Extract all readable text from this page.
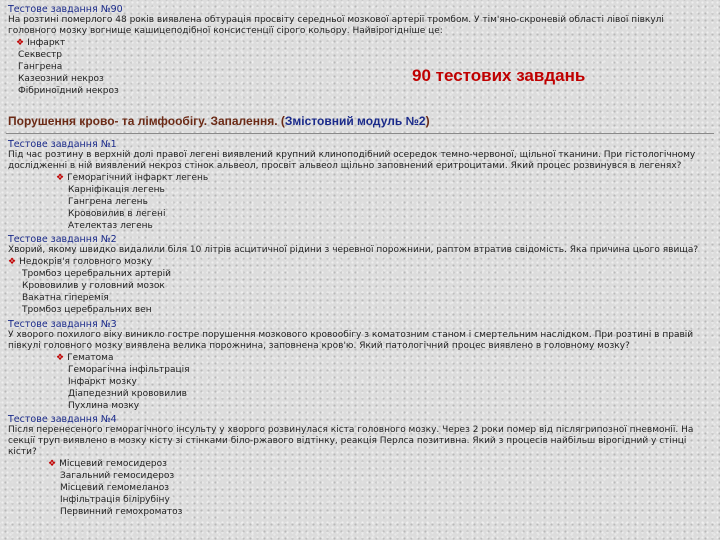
Тестове завдання №90
На розтині померлого 48 років виявлена обтурація просвіту середньої мозкової артерії тромбом. У тім'яно-скроневій області лівої півкулі головного мозку вогнище кашицеподібної консистенції сірого кольору. Найвірогідніше це:
❖ Інфаркт
Секвестр
Гангрена
Казеозний некроз
Фібриноїдний некроз
90 тестових завдань
Порушення крово- та лімфообігу. Запалення. (Змістовний модуль №2)
Тестове завдання №1
Під час розтину в верхній долі правої легені виявлений крупний клиноподібний осередок темно-червоної, щільної тканини. При гістологічному дослідженні в ній виявлений некроз стінок альвеол, просвіт альвеол щільно заповнений еритроцитами. Який процес розвинувся в легенях?
❖ Геморагічний інфаркт легень
Карніфікація легень
Гангрена легень
Крововилив в легені
Ателектаз легень
Тестове завдання №2
Хворий, якому швидко видалили біля 10 літрів асцитичної рідини з черевної порожнини, раптом втратив свідомість. Яка причина цього явища?
❖ Недокрів'я головного мозку
Тромбоз церебральних артерій
Крововилив у головний мозок
Вакатна гіперемія
Тромбоз церебральних вен
Тестове завдання №3
У хворого похилого віку виникло гостре порушення мозкового кровообігу з коматозним станом і смертельним наслідком. При розтині в правій півкулі головного мозку виявлена велика порожнина, заповнена кров'ю. Який патологічний процес виявлено в головному мозку?
❖ Гематома
Геморагічна інфільтрація
Інфаркт мозку
Діапедезний крововилив
Пухлина мозку
Тестове завдання №4
Після перенесеного геморагічного інсульту у хворого розвинулася кіста головного мозку. Через 2 роки помер від післягрипозної пневмонії. На секції труп виявлено в мозку кісту зі стінками біло-ржавого відтінку, реакція Перлса позитивна. Який з процесів найбільш вірогідний у стінці кісти?
❖ Місцевий гемосидероз
Загальний гемосидероз
Місцевий гемомеланоз
Інфільтрація білірубіну
Первинний гемохроматоз
